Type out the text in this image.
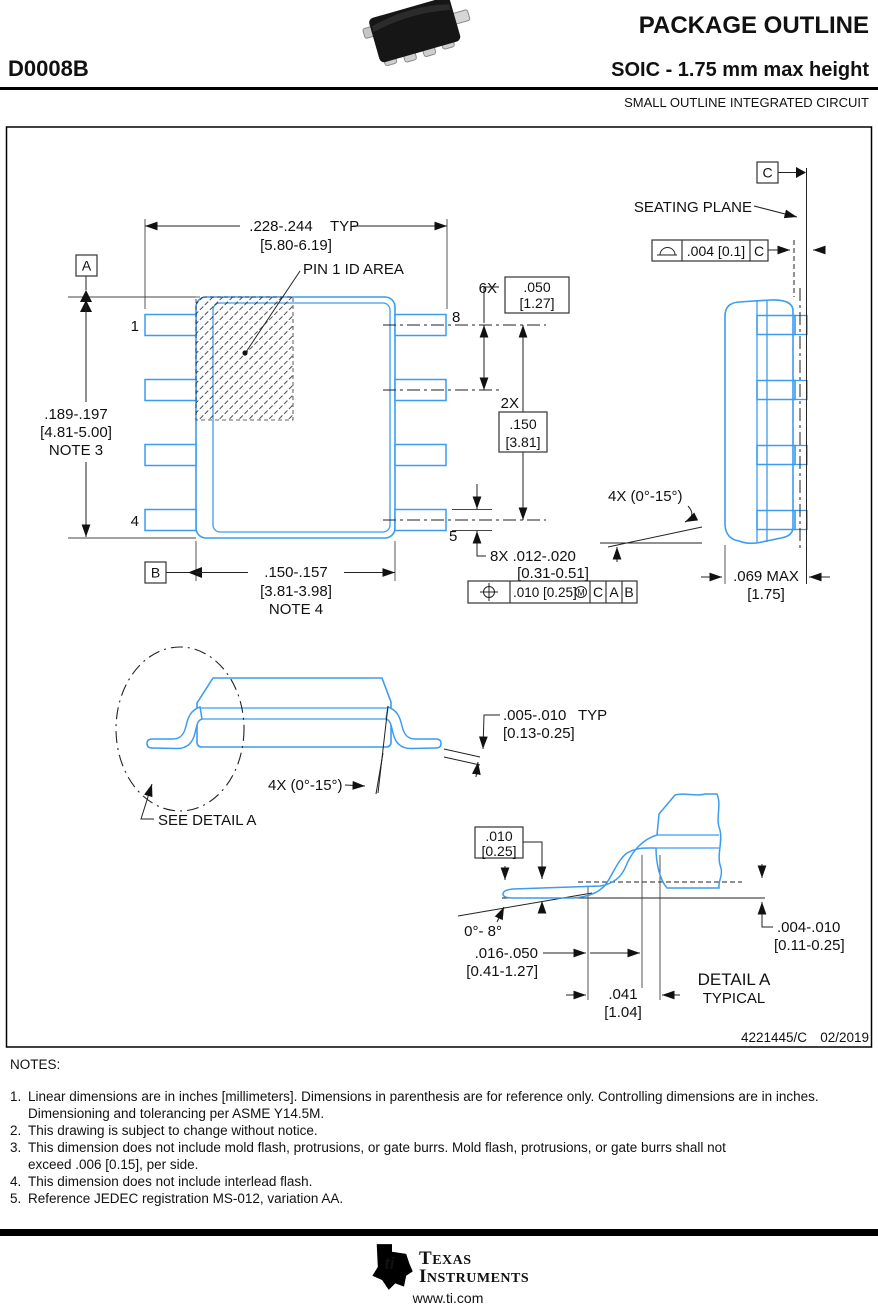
D0008B
PACKAGE OUTLINE
SOIC - 1.75 mm max height
SMALL OUTLINE INTEGRATED CIRCUIT
A
B
.228-.244 TYP
[5.80-6.19]
PIN 1 ID AREA
.189-.197
[4.81-5.00]
NOTE 3
1
4
8
5
6X .050
[1.27]
2X
.150
[3.81]
8X .012-.020
[0.31-0.51]
.010 [0.25] M C A B
.150-.157
[3.81-3.98]
NOTE 4
C
SEATING PLANE
.004 [0.1] C
4X (0°-15°)
.069 MAX
[1.75]
SEE DETAIL A
4X (0°-15°)
.005-.010 TYP
[0.13-0.25]
.010
[0.25]
0°- 8°
.016-.050
[0.41-1.27]
.041
[1.04]
.004-.010
[0.11-0.25]
DETAIL A
TYPICAL
4221445/C 02/2019
NOTES:
1. Linear dimensions are in inches [millimeters]. Dimensions in parenthesis are for reference only. Controlling dimensions are in inches.
Dimensioning and tolerancing per ASME Y14.5M.
2. This drawing is subject to change without notice.
3. This dimension does not include mold flash, protrusions, or gate burrs. Mold flash, protrusions, or gate burrs shall not
exceed .006 [0.15], per side.
4. This dimension does not include interlead flash.
5. Reference JEDEC registration MS-012, variation AA.
ti TEXAS
INSTRUMENTS
www.ti.com
